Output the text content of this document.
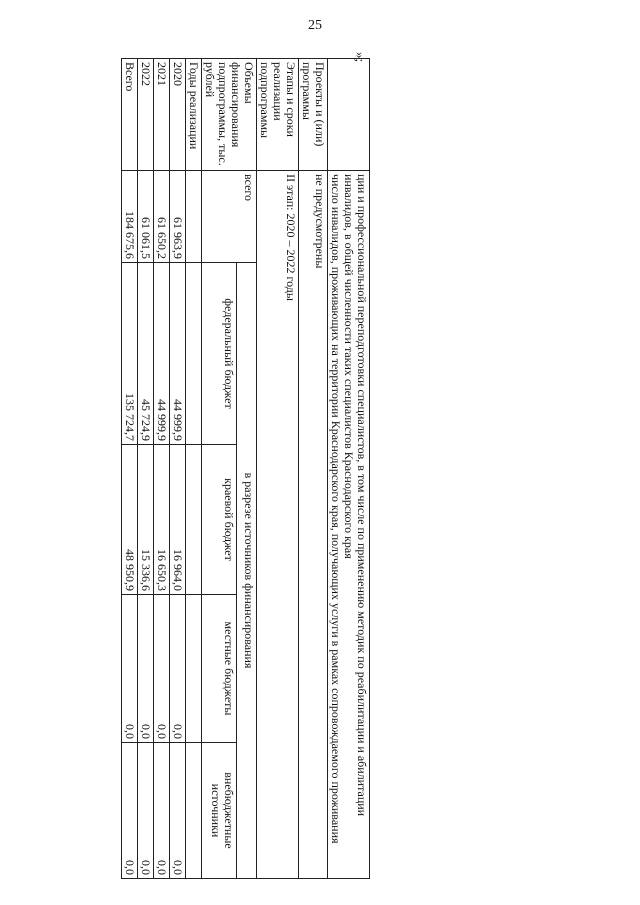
25
»;

	ции и профессиональной переподготовки специалистов, в том числе по применению методик по реабилитации и абилитации инвалидов, в общей численности таких специалистов Краснодарского края
число инвалидов, проживающих на территории Краснодарского края, получающих услуги в рамках сопровождаемого проживания				

Проекты и (или) программы	не предусмотрены				
Этапы и сроки реализации подпрограммы	II этап: 2020 – 2022 годы				
Объемы финансирования подпрограммы, тыс. рублей	всего	в разрезе источников финансирования			
		федеральный бюджет	краевой бюджет	местные бюджеты	внебюджетные источники
Годы реализации					
2020	61 963,9	44 999,9	16 964,0	0,0	0,0
2021	61 650,2	44 999,9	16 650,3	0,0	0,0
2022	61 061,5	45 724,9	15 336,6	0,0	0,0
Всего	184 675,6	135 724,7	48 950,9	0,0	0,0
